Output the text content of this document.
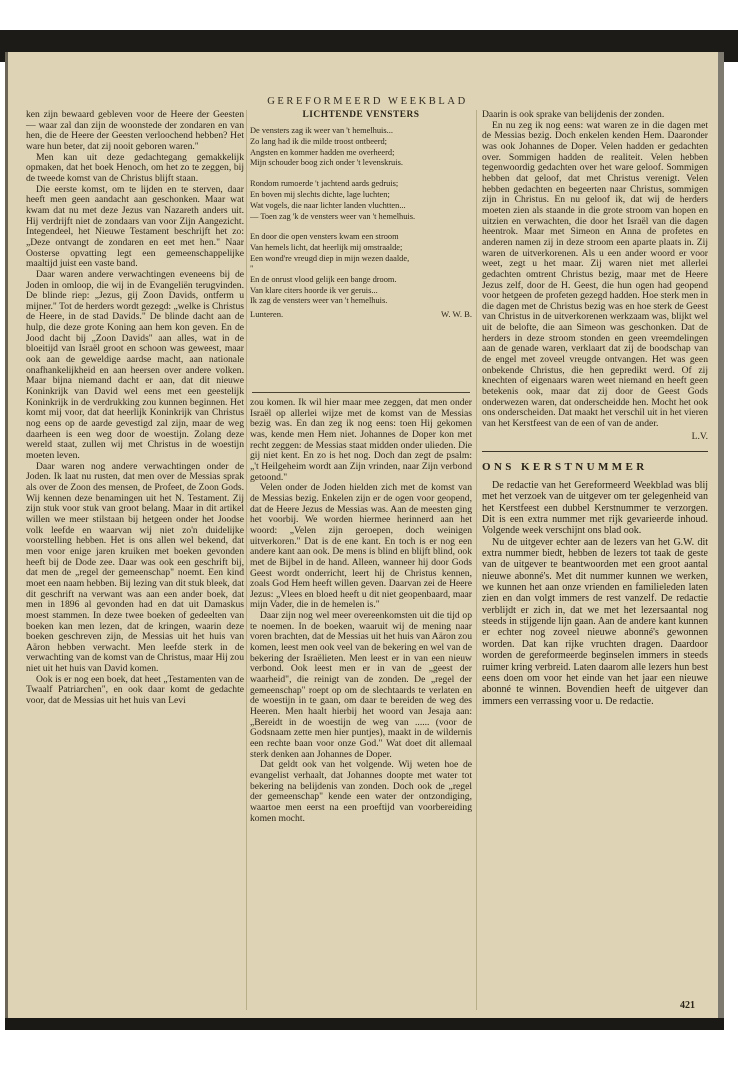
GEREFORMEERD WEEKBLAD

ken zijn bewaard gebleven voor de Heere der Geesten — waar zal dan zijn de woonstede der zondaren en van hen, die de Heere der Geesten verloochend hebben? Het ware hun beter, dat zij nooit geboren waren."

Men kan uit deze gedachtegang gemakkelijk opmaken, dat het boek Henoch, om het zo te zeggen, bij de tweede komst van de Christus blijft staan.

Die eerste komst, om te lijden en te sterven, daar heeft men geen aandacht aan geschonken. Maar wat kwam dat nu met deze Jezus van Nazareth anders uit. Hij verdrijft niet de zondaars van voor Zijn Aangezicht. Integendeel, het Nieuwe Testament beschrijft het zo: „Deze ontvangt de zondaren en eet met hen." Naar Oosterse opvatting legt een gemeenschappelijke maaltijd juist een vaste band.

Daar waren andere verwachtingen eveneens bij de Joden in omloop, die wij in de Evangeliën terugvinden. De blinde riep: „Jezus, gij Zoon Davids, ontferm u mijner." Tot de herders wordt gezegd: „welke is Christus de Heere, in de stad Davids." De blinde dacht aan de hulp, die deze grote Koning aan hem kon geven. En de Jood dacht bij „Zoon Davids" aan alles, wat in de bloeitijd van Israël groot en schoon was geweest, maar ook aan de geweldige aardse macht, aan nationale onafhankelijkheid en aan heersen over andere volken. Maar bijna niemand dacht er aan, dat dit nieuwe Koninkrijk van David wel eens met een geestelijk Koninkrijk in de verdrukking zou kunnen beginnen. Het komt mij voor, dat dat heerlijk Koninkrijk van Christus nog eens op de aarde gevestigd zal zijn, maar de weg daarheen is een weg door de woestijn. Zolang deze wereld staat, zullen wij met Christus in de woestijn moeten leven.

Daar waren nog andere verwachtingen onder de Joden. Ik laat nu rusten, dat men over de Messias sprak als over de Zoon des mensen, de Profeet, de Zoon Gods. Wij kennen deze benamingen uit het N. Testament. Zij zijn stuk voor stuk van groot belang. Maar in dit artikel willen we meer stilstaan bij hetgeen onder het Joodse volk leefde en waarvan wij niet zo'n duidelijke voorstelling hebben. Het is ons allen wel bekend, dat men voor enige jaren kruiken met boeken gevonden heeft bij de Dode zee. Daar was ook een geschrift bij, dat men de „regel der gemeenschap" noemt. Een kind moet een naam hebben. Bij lezing van dit stuk bleek, dat dit geschrift na verwant was aan een ander boek, dat men in 1896 al gevonden had en dat uit Damaskus moest stammen. In deze twee boeken of gedeelten van boeken kan men lezen, dat de kringen, waarin deze boeken geschreven zijn, de Messias uit het huis van Aäron hebben verwacht. Men leefde sterk in de verwachting van de komst van de Christus, maar Hij zou niet uit het huis van David komen.

Ook is er nog een boek, dat heet „Testamenten van de Twaalf Patriarchen", en ook daar komt de gedachte voor, dat de Messias uit het huis van Levi

LICHTENDE VENSTERS
De vensters zag ik weer van 't hemelhuis...
Zo lang had ik die milde troost ontbeerd;
Angsten en kommer hadden me overheerd;
Mijn schouder boog zich onder 't levenskruis.
Rondom rumoerde 't jachtend aards gedruis;
En boven mij slechts dichte, lage luchten;
Wat vogels, die naar lichter landen vluchtten...
— Toen zag 'k de vensters weer van 't hemelhuis.
En door die open vensters kwam een stroom
Van hemels licht, dat heerlijk mij omstraalde;
Een wond're vreugd diep in mijn wezen daalde,
"
En de onrust vlood gelijk een bange droom.
Van klare citers hoorde ik ver geruis...
Ik zag de vensters weer van 't hemelhuis.
Lunteren.	W. W. B.

zou komen. Ik wil hier maar mee zeggen, dat men onder Israël op allerlei wijze met de komst van de Messias bezig was. En dan zeg ik nog eens: toen Hij gekomen was, kende men Hem niet. Johannes de Doper kon met recht zeggen: de Messias staat midden onder ulieden. Die gij niet kent. En zo is het nog. Doch dan zegt de psalm: „'t Heilgeheim wordt aan Zijn vrinden, naar Zijn verbond getoond."

Velen onder de Joden hielden zich met de komst van de Messias bezig. Enkelen zijn er de ogen voor geopend, dat de Heere Jezus de Messias was. Aan de meesten ging het voorbij. We worden hiermee herinnerd aan het woord: „Velen zijn geroepen, doch weinigen uitverkoren." Dat is de ene kant. En toch is er nog een andere kant aan ook. De mens is blind en blijft blind, ook met de Bijbel in de hand. Alleen, wanneer hij door Gods Geest wordt onderricht, leert hij de Christus kennen, zoals God Hem heeft willen geven. Daarvan zei de Heere Jezus: „Vlees en bloed heeft u dit niet geopenbaard, maar mijn Vader, die in de hemelen is."

Daar zijn nog wel meer overeenkomsten uit die tijd op te noemen. In de boeken, waaruit wij de mening naar voren brachten, dat de Messias uit het huis van Aäron zou komen, leest men ook veel van de bekering en wel van de bekering der Israëlieten. Men leest er in van een nieuw verbond. Ook leest men er in van de „geest der waarheid", die reinigt van de zonden. De „regel der gemeenschap" roept op om de slechtaards te verlaten en de woestijn in te gaan, om daar te bereiden de weg des Heeren. Men haalt hierbij het woord van Jesaja aan: „Bereidt in de woestijn de weg van ...... (voor de Godsnaam zette men hier puntjes), maakt in de wildernis een rechte baan voor onze God." Wat doet dit allemaal sterk denken aan Johannes de Doper.

Dat geldt ook van het volgende. Wij weten hoe de evangelist verhaalt, dat Johannes doopte met water tot bekering na belijdenis van zonden. Doch ook de „regel der gemeenschap" kende een water der ontzondiging, waartoe men eerst na een proeftijd van voorbereiding komen mocht.

Daarin is ook sprake van belijdenis der zonden.

En nu zeg ik nog eens: wat waren ze in die dagen met de Messias bezig. Doch enkelen kenden Hem. Daaronder was ook Johannes de Doper. Velen hadden er gedachten over. Sommigen hadden de realiteit. Velen hebben tegenwoordig gedachten over het ware geloof. Sommigen hebben dat geloof, dat met Christus verenigt. Velen hebben gedachten en begeerten naar Christus, sommigen zijn in Christus. En nu geloof ik, dat wij de herders moeten zien als staande in die grote stroom van hopen en uitzien en verwachten, die door het Israël van die dagen heentrok. Maar met Simeon en Anna de profetes en anderen namen zij in deze stroom een aparte plaats in. Zij waren de uitverkorenen. Als u een ander woord er voor weet, zegt u het maar. Zij waren niet met allerlei gedachten omtrent Christus bezig, maar met de Heere Jezus zelf, door de H. Geest, die hun ogen had geopend voor hetgeen de profeten gezegd hadden. Hoe sterk men in die dagen met de Christus bezig was en hoe sterk de Geest van Christus in de uitverkorenen werkzaam was, blijkt wel uit de belofte, die aan Simeon was geschonken. Dat de herders in deze stroom stonden en geen vreemdelingen aan de genade waren, verklaart dat zij de boodschap van de engel met zoveel vreugde ontvangen. Het was geen onbekende Christus, die hen gepredikt werd. Of zij knechten of eigenaars waren weet niemand en heeft geen betekenis ook, maar dat zij door de Geest Gods onderwezen waren, dat onderscheidde hen. Mocht het ook ons onderscheiden. Dat maakt het verschil uit in het vieren van het Kerstfeest van de een of van de ander.

L.V.
ONS KERSTNUMMER

De redactie van het Gereformeerd Weekblad was blij met het verzoek van de uitgever om ter gelegenheid van het Kerstfeest een dubbel Kerstnummer te verzorgen. Dit is een extra nummer met rijk gevarieerde inhoud. Volgende week verschijnt ons blad ook.

Nu de uitgever echter aan de lezers van het G.W. dit extra nummer biedt, hebben de lezers tot taak de geste van de uitgever te beantwoorden met een groot aantal nieuwe abonné's. Met dit nummer kunnen we werken, we kunnen het aan onze vrienden en familieleden laten zien en dan volgt immers de rest vanzelf. De redactie verblijdt er zich in, dat we met het lezersaantal nog steeds in stijgende lijn gaan. Aan de andere kant kunnen er echter nog zoveel nieuwe abonné's gewonnen worden. Dat kan rijke vruchten dragen. Daardoor worden de gereformeerde beginselen immers in steeds ruimer kring verbreid. Laten daarom alle lezers hun best eens doen om voor het einde van het jaar een nieuwe abonné te winnen. Bovendien heeft de uitgever dan immers een verrassing voor u. De redactie.

421
